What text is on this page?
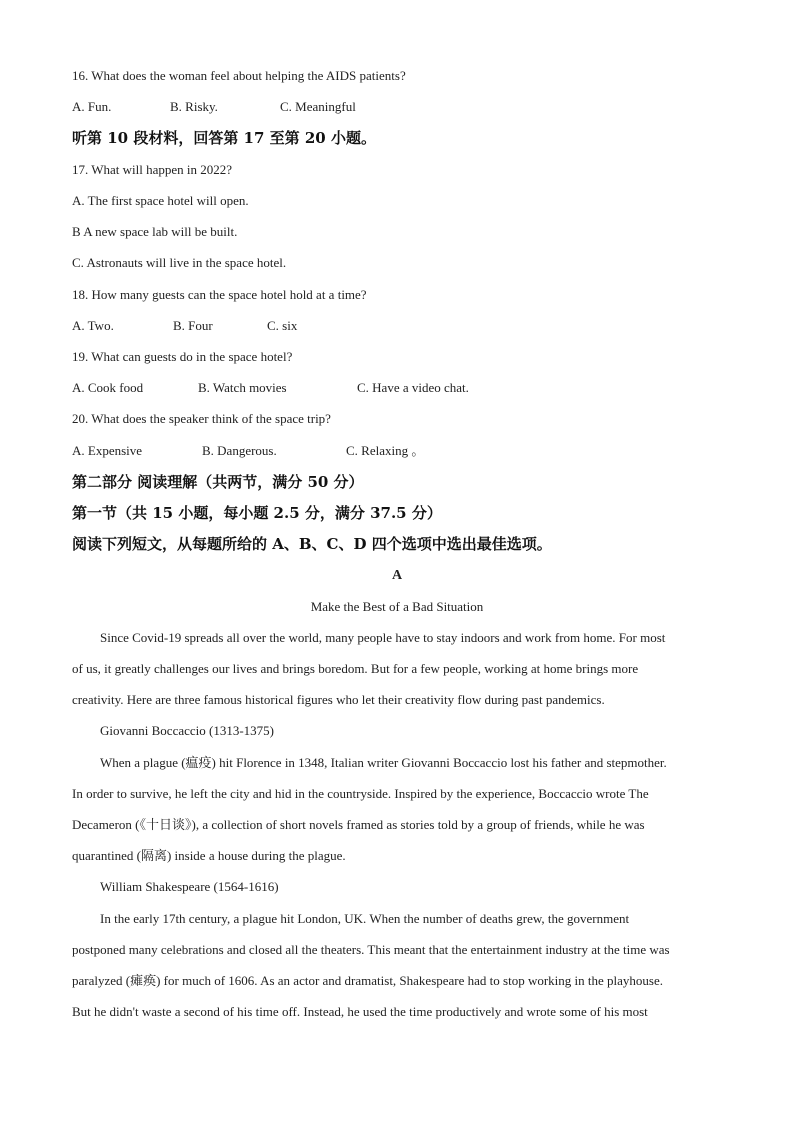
16. What does the woman feel about helping the AIDS patients?
A. Fun.	B. Risky.	C. Meaningful
听第 10 段材料，回答第 17 至第 20 小题。
17. What will happen in 2022?
A. The first space hotel will open.
B A new space lab will be built.
C. Astronauts will live in the space hotel.
18. How many guests can the space hotel hold at a time?
A. Two.	B. Four	C. six
19. What can guests do in the space hotel?
A. Cook food	B. Watch movies	C. Have a video chat.
20. What does the speaker think of the space trip?
A. Expensive	B. Dangerous.	C. Relaxing 。
第二部分 阅读理解（共两节，满分 50 分）
第一节（共 15 小题，每小题 2.5 分，满分 37.5 分）
阅读下列短文，从每题所给的 A、B、C、D 四个选项中选出最佳选项。
A
Make the Best of a Bad Situation
Since Covid-19 spreads all over the world, many people have to stay indoors and work from home. For most
of us, it greatly challenges our lives and brings boredom. But for a few people, working at home brings more
creativity. Here are three famous historical figures who let their creativity flow during past pandemics.
Giovanni Boccaccio (1313-1375)
When a plague (瘟疫) hit Florence in 1348, Italian writer Giovanni Boccaccio lost his father and stepmother.
In order to survive, he left the city and hid in the countryside. Inspired by the experience, Boccaccio wrote The
Decameron (《十日谈》), a collection of short novels framed as stories told by a group of friends, while he was
quarantined (隔离) inside a house during the plague.
William Shakespeare (1564-1616)
In the early 17th century, a plague hit London, UK. When the number of deaths grew, the government
postponed many celebrations and closed all the theaters. This meant that the entertainment industry at the time was
paralyzed (瘫痪) for much of 1606. As an actor and dramatist, Shakespeare had to stop working in the playhouse.
But he didn't waste a second of his time off. Instead, he used the time productively and wrote some of his most
